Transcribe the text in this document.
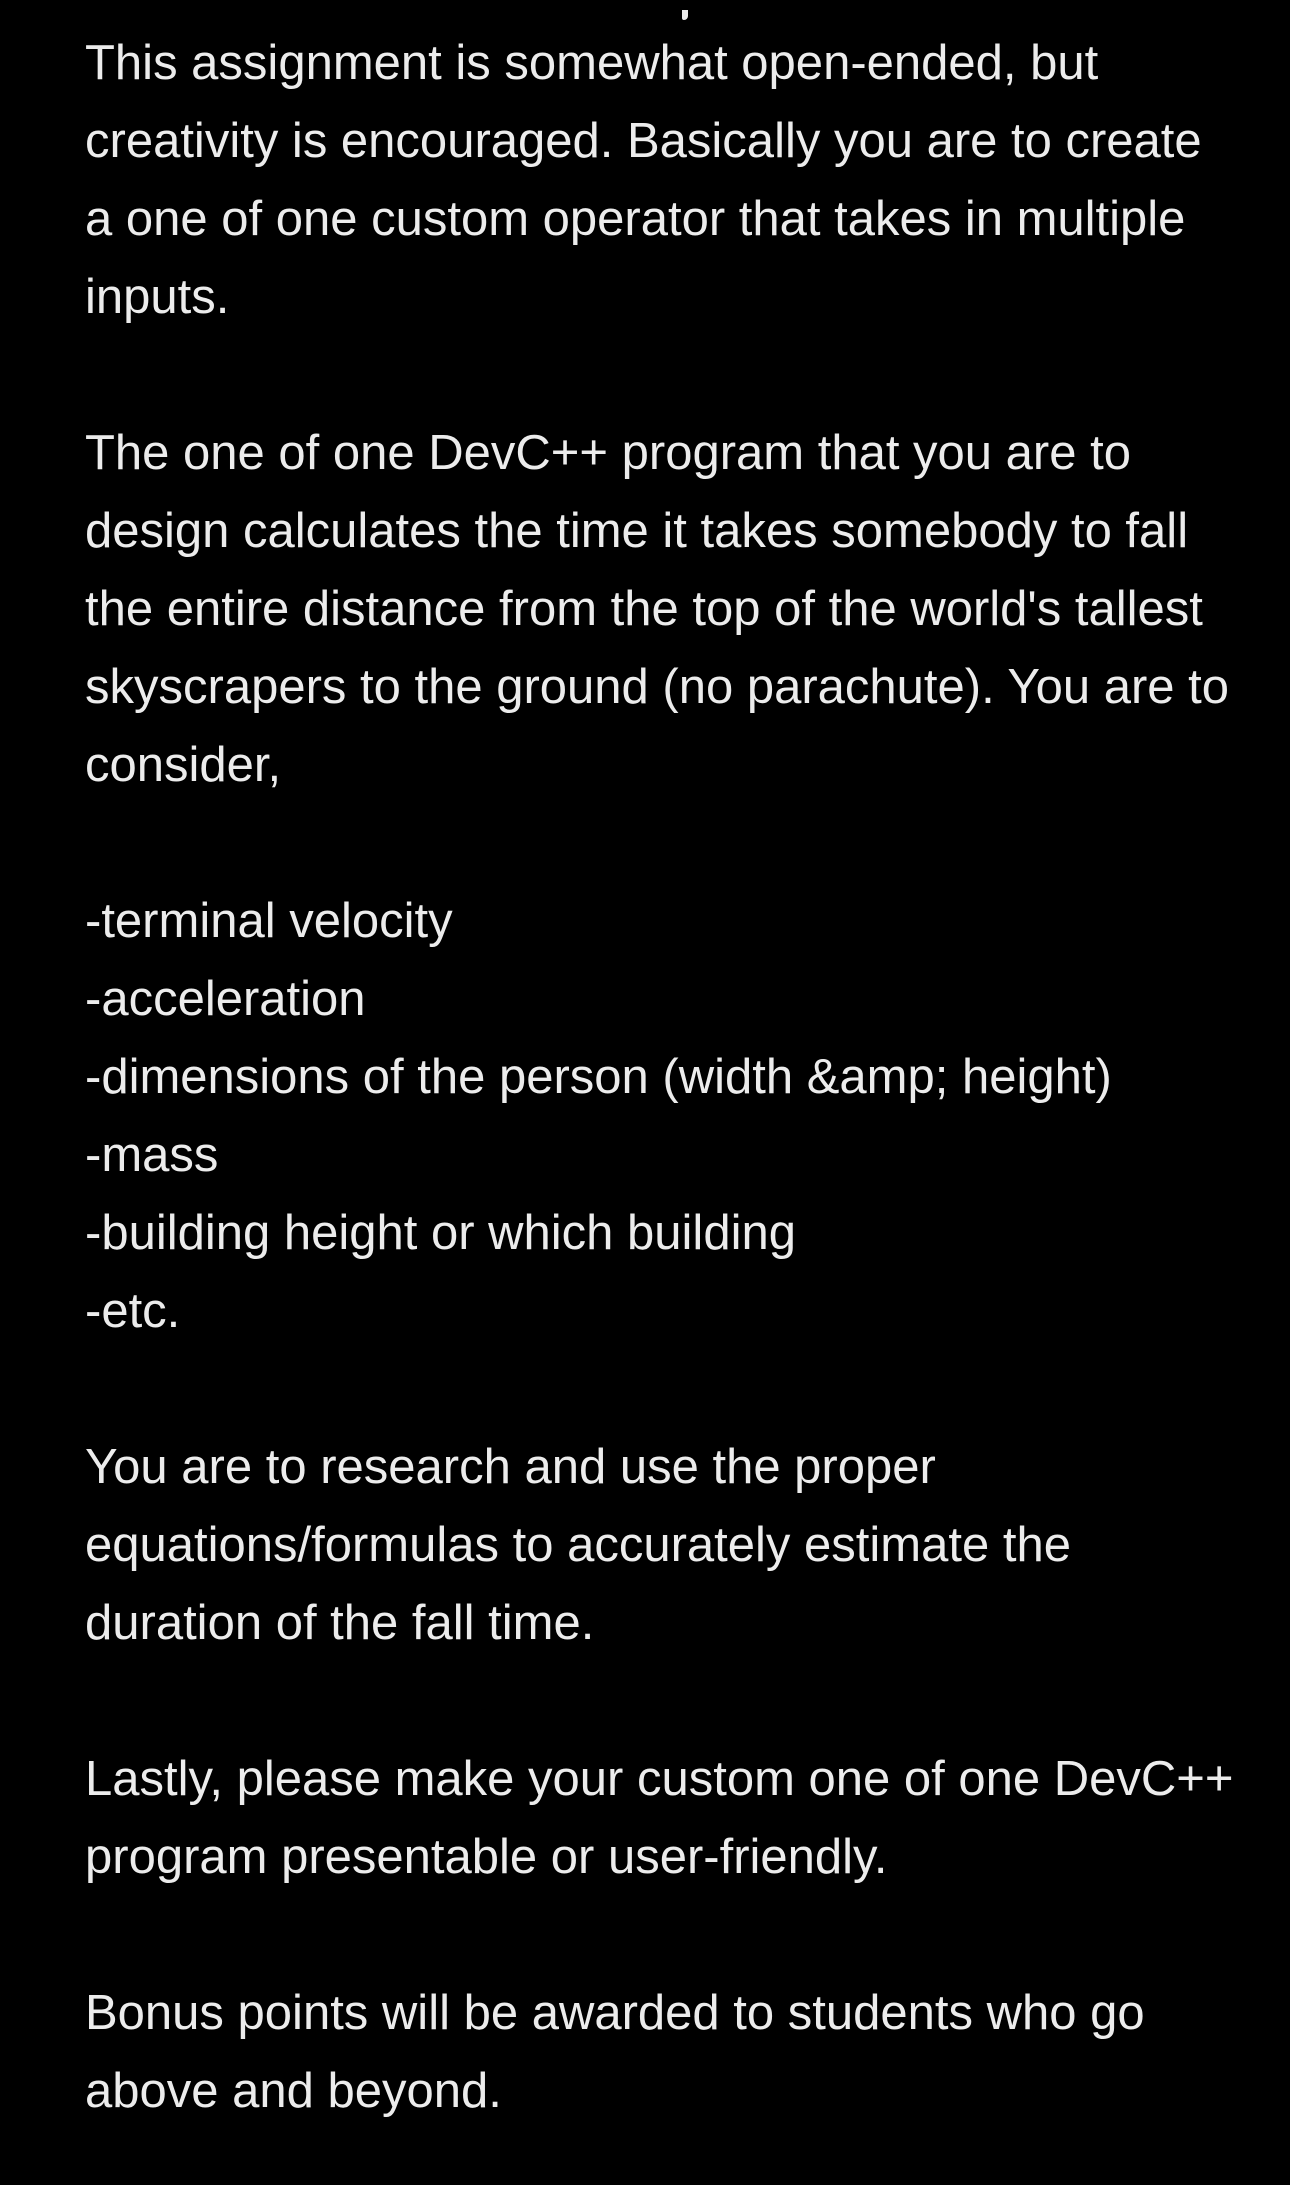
This assignment is somewhat open-ended, but creativity is encouraged. Basically you are to create a one of one custom operator that takes in multiple inputs.

The one of one DevC++ program that you are to design calculates the time it takes somebody to fall the entire distance from the top of the world's tallest skyscrapers to the ground (no parachute). You are to consider,

-terminal velocity
-acceleration
-dimensions of the person (width &amp; height)
-mass
-building height or which building
-etc.

You are to research and use the proper equations/formulas to accurately estimate the duration of the fall time.

Lastly, please make your custom one of one DevC++ program presentable or user-friendly.

Bonus points will be awarded to students who go above and beyond.
